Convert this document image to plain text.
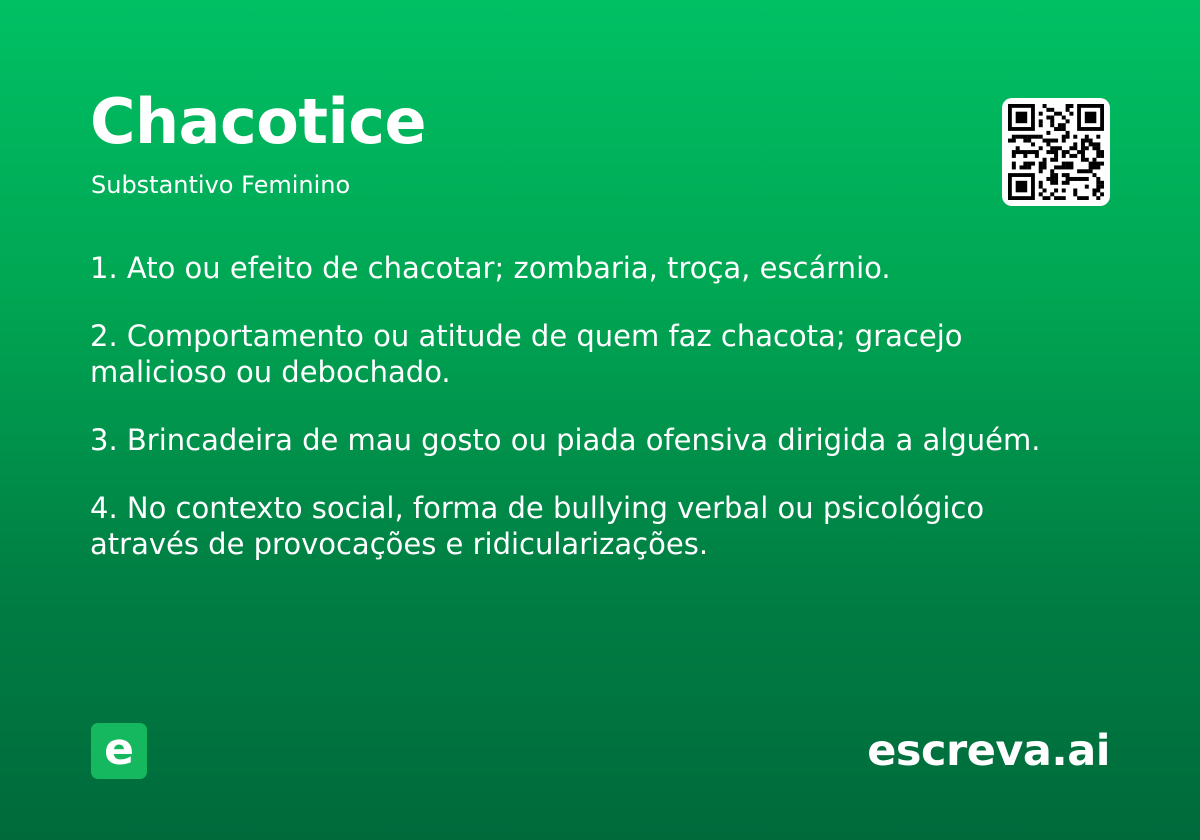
Chacotice
Substantivo Feminino
1. Ato ou efeito de chacotar; zombaria, troça, escárnio.
2. Comportamento ou atitude de quem faz chacota; gracejo malicioso ou debochado.
3. Brincadeira de mau gosto ou piada ofensiva dirigida a alguém.
4. No contexto social, forma de bullying verbal ou psicológico através de provocações e ridicularizações.
e	escreva.ai
